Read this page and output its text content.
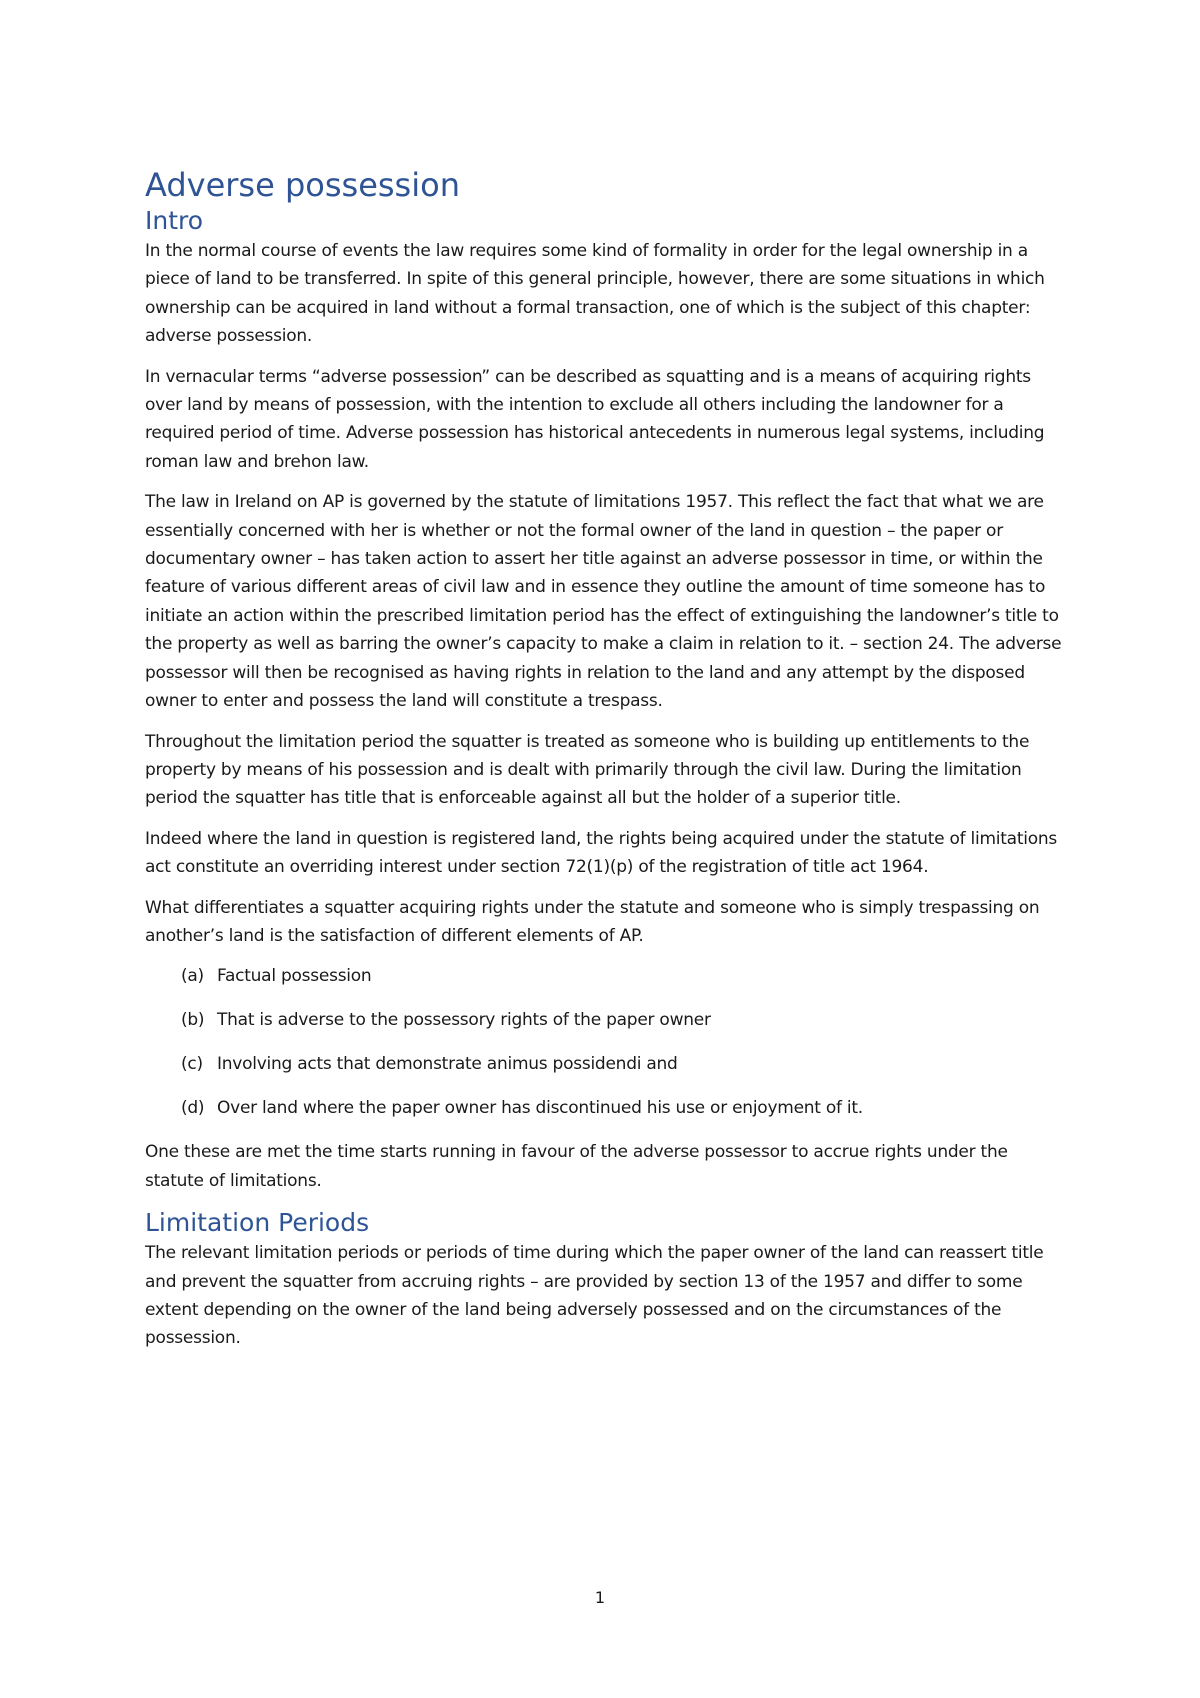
Adverse possession
Intro

In the normal course of events the law requires some kind of formality in order for the legal ownership in a piece of land to be transferred. In spite of this general principle, however, there are some situations in which ownership can be acquired in land without a formal transaction, one of which is the subject of this chapter: adverse possession.

In vernacular terms “adverse possession” can be described as squatting and is a means of acquiring rights over land by means of possession, with the intention to exclude all others including the landowner for a required period of time. Adverse possession has historical antecedents in numerous legal systems, including roman law and brehon law.

The law in Ireland on AP is governed by the statute of limitations 1957. This reflect the fact that what we are essentially concerned with her is whether or not the formal owner of the land in question – the paper or documentary owner – has taken action to assert her title against an adverse possessor in time, or within the feature of various different areas of civil law and in essence they outline the amount of time someone has to initiate an action within the prescribed limitation period has the effect of extinguishing the landowner’s title to the property as well as barring the owner’s capacity to make a claim in relation to it. – section 24. The adverse possessor will then be recognised as having rights in relation to the land and any attempt by the disposed owner to enter and possess the land will constitute a trespass.

Throughout the limitation period the squatter is treated as someone who is building up entitlements to the property by means of his possession and is dealt with primarily through the civil law. During the limitation period the squatter has title that is enforceable against all but the holder of a superior title.

Indeed where the land in question is registered land, the rights being acquired under the statute of limitations act constitute an overriding interest under section 72(1)(p) of the registration of title act 1964.

What differentiates a squatter acquiring rights under the statute and someone who is simply trespassing on another’s land is the satisfaction of different elements of AP.

(a) Factual possession
(b) That is adverse to the possessory rights of the paper owner
(c) Involving acts that demonstrate animus possidendi and
(d) Over land where the paper owner has discontinued his use or enjoyment of it.

One these are met the time starts running in favour of the adverse possessor to accrue rights under the statute of limitations.

Limitation Periods

The relevant limitation periods or periods of time during which the paper owner of the land can reassert title and prevent the squatter from accruing rights – are provided by section 13 of the 1957 and differ to some extent depending on the owner of the land being adversely possessed and on the circumstances of the possession.

1
